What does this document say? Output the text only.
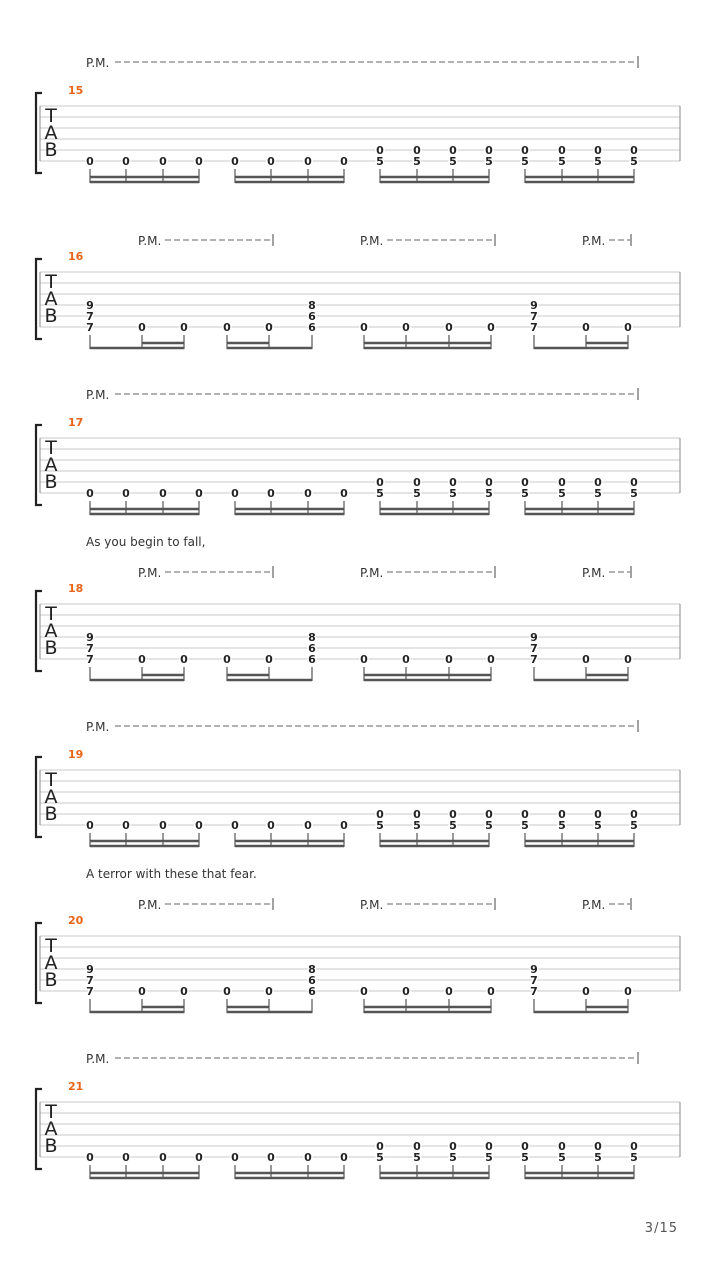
T
A
B
15
P.M.
0	0	0	0	0	0	0	0
0
5
0
5
0
5
0
5
0
5
0
5
0
5
0
5
T
A
B
16
P.M.	P.M.	P.M.
9
7
7	0	0	0	0
8
6
6	0	0	0	0
9
7
7	0	0
T
A
B
17
P.M.
0	0	0	0	0	0	0	0
0
5
0
5
0
5
0
5
0
5
0
5
0
5
0
5
T
A
B
18
As you begin to fall,
P.M.	P.M.	P.M.
9
7
7	0	0	0	0
8
6
6	0	0	0	0
9
7
7	0	0
T
A
B
19
P.M.
0	0	0	0	0	0	0	0
0
5
0
5
0
5
0
5
0
5
0
5
0
5
0
5
T
A
B
20
A terror with these that fear.
P.M.	P.M.	P.M.
9
7
7	0	0	0	0
8
6
6	0	0	0	0
9
7
7	0	0
T
A
B
21
P.M.
0	0	0	0	0	0	0	0
0
5
0
5
0
5
0
5
0
5
0
5
0
5
0
5
3/15
